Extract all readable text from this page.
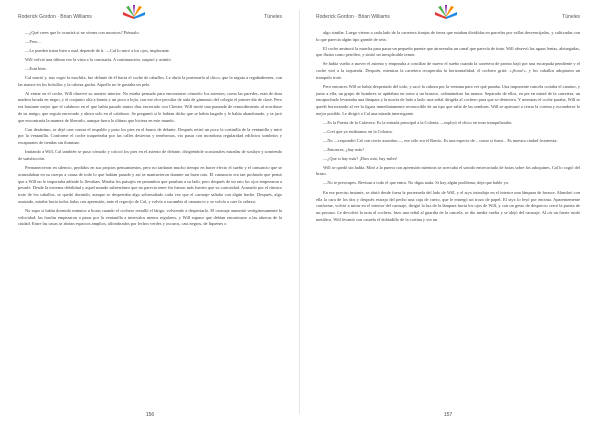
Roderick Gordon · Brian Williams	Túneles

—¿Qué crees que le ocurrirá si no vienes con nosotros? Piénsalo.

—Pero...

—Le pueden tratar bien o mal, depende de ti. —Cal lo miró a los ojos, implorante.

Will volvió una última vez la vista a la comisaría. A continuación, suspiró y asintió.

—Está bien.

Cal sonrió y, tras coger la mochila, fue delante de él hacia el coche de caballos. Le abrió la portezuela al chico, que la seguía a regañadientes, con las manos en los bolsillos y la cabeza gacha. Aquello no le gustaba un pelo.

Al entrar en el coche, Will observó su austero interior. No estaba pensado para encontrarse cómodo: los asientos, como las paredes, eran de dura madera lacada en negro, y el conjunto olía a barniz y un poco a lejía, con ese olor peculiar de aula de gimnasio del colegio el primer día de clase. Pero era bastante mejor que el calabozo en el que había pasado tantos días encerrado con Chester. Will sintió una punzada de remordimiento al acordarse de su amigo, que seguía encerrado y ahora solo en el calabozo. Se preguntó si le habían dicho que se había largado y le había abandonado, y se juró que encontraría la manera de liberarlo, aunque fuera lo último que hiciera en este mundo.

Con desánimo, se dejó caer contra el respaldo y puso los pies en el banco de delante. Después retiró un poco la cortinilla de la ventanilla y miró por la ventanilla. Conforme el coche traqueteaba por las calles desiertas y tenebrosas, vio pasar con monótona regularidad edificios sombríos y escaparates de tiendas sin iluminar.

Imitando a Will, Cal también se puso cómodo y colocó los pies en el asiento de delante, dirigiéndole ocasionales miradas de soslayo y sonriendo de satisfacción.

Permanecieron en silencio, perdidos en sus propios pensamientos, pero no tardaron mucho tiempo en hacer efecto el sueño y el cansancio que se acumulaban en su cuerpo a causa de todo lo que habían pasado y así se mantuvieron durante un buen rato. El cansancio era tan profundo que pensó que a Will no le importaba adónde lo llevaban. Miraba los paisajes en penumbra que pasaban a su lado, pero después de un rato los ojos empezaron a pesarle. Desde la extrema debilidad y aquel mundo subterráneo que no parecía tener fin fueron más fuertes que su curiosidad. Acunado por el rítmico trote de los caballos, se quedó dormido, aunque se despertaba algo sobresaltado cada vez que el carruaje saltaba con algún bache. Después, algo asustado, miraba hacia todos lados con aprensión, ante el regocijo de Cal, y volvía a sucumbir al cansancio y se volvía a caer la cabeza.

No supo si había dormido minutos u horas cuando el cochero restalló el látigo, volviendo a despertarlo. El carruaje aumentó vertiginosamente la velocidad, las farolas empezaron a pasar por la ventanilla a intervalos menos regulares, y Will supuso que debían encontrarse a las afueras de la ciudad. Entre las casas se abrían espacios amplios, alfombrados por lechos verdes y oscuros, casi negros, de líquenes o

156
Roderick Gordon · Brian Williams	Túneles

algo similar. Luego vieron a cada lado de la carretera franjas de tierra que estaban divididas en parcelas por vallas desvencijadas, y cultivadas con lo que parecía algún tipo grande de seta.

El coche aminoró la marcha para pasar un pequeño puente que atravesaba un canal que parecía de tinta. Will observó las aguas lentas, aletargadas, que fluían como petróleo, y sintió un inexplicable temor.

Se había vuelto a mover el asiento y empezaba a conciliar de nuevo el sueño cuando la carretera de pronto bajó por una escarpada pendiente y el coche viró a la izquierda. Después, mientras la carretera recuperaba la horizontalidad, el cochero gritó: «¡Sooo!», y los caballos adoptaron un tranquilo trote.

Pero entonces Will se había despertado del todo, y sacó la cabeza por la ventana para ver qué pasaba. Una imponente cancela cortaba el camino, y junto a ella, un grupo de hombres se apiñaban en torno a un brasero, calentándose las manos. Separado de ellos, en pie en mitad de la carretera, un encapuchado levantaba una lámpara y la movía de lado a lado: una señal dirigida al cochero para que se detuviera. Y mientras el coche paraba, Will se quedó horrorizado al ver la figura inmediatamente reconocible de un tipo que salía de las sombras. Will se apresuró a cerrar la cortina y esconderse lo mejor posible. Le dirigió a Cal una mirada interrogante.

—Es la Puerta de la Calavera. Es la entrada principal a la Colonia —explicó el chico en tono tranquilizador.

—Creí que ya estábamos en la Colonia.

—No —respondió Cal con cierto asombro—, eso sólo era el Barrio. Es una especie de... como si fuera... Es nuestra ciudad fronteriza.

—Entonces, ¿hay más?

—¿Que si hay más? ¡Dios mío, hay miles!

Will se quedó sin habla. Miró a la puerta con aprensión mientras se acercaba el sonido entrecortado de botas sobre los adoquines. Cal lo cogió del brazo.

—No te preocupes. Revisan a todo el que entra. No digas nada. Si hay algún problema, deja que hable yo.

En ese preciso instante, se abrió desde fuera la portezuela del lado de Will, y el styx introdujo en el interior una lámpara de bronce. Alumbró con ella la cara de los dos y después extrajo del pecho una caja de cuero, que le entregó un trozo de papel. El styx lo leyó por encima. Aparentemente conforme, volvió a mirar en el interior del carruaje, dirigió la luz de la lámpara hacia los ojos de Will, y con un gesto de desprecio cerró la puerta de un portazo. Le devolvió la nota al cochero, hizo una señal al guardia de la cancela, se dio media vuelta y se alejó del carruaje. Al oír un fuerte ruido metálico, Will levantó con cautela el dobladillo de la cortina y vio un

157
